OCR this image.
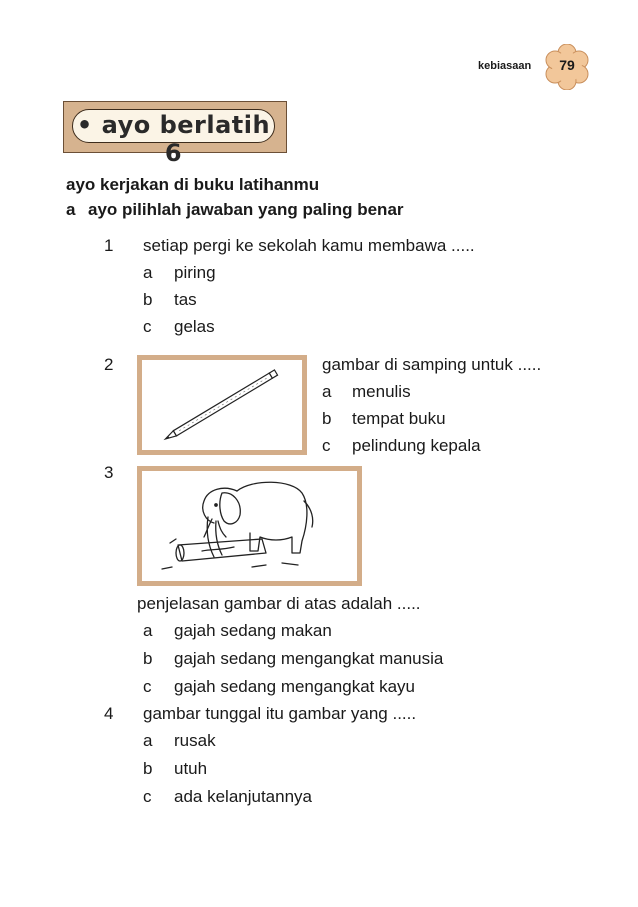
kebiasaan	79
• ayo berlatih 6
ayo kerjakan di buku latihanmu
a ayo pilihlah jawaban yang paling benar
1 setiap pergi ke sekolah kamu membawa .....
a piring
b tas
c gelas
2	gambar di samping untuk .....
a menulis
b tempat buku
c pelindung kepala
3
penjelasan gambar di atas adalah .....
a gajah sedang makan
b gajah sedang mengangkat manusia
c gajah sedang mengangkat kayu
4 gambar tunggal itu gambar yang .....
a rusak
b utuh
c ada kelanjutannya
